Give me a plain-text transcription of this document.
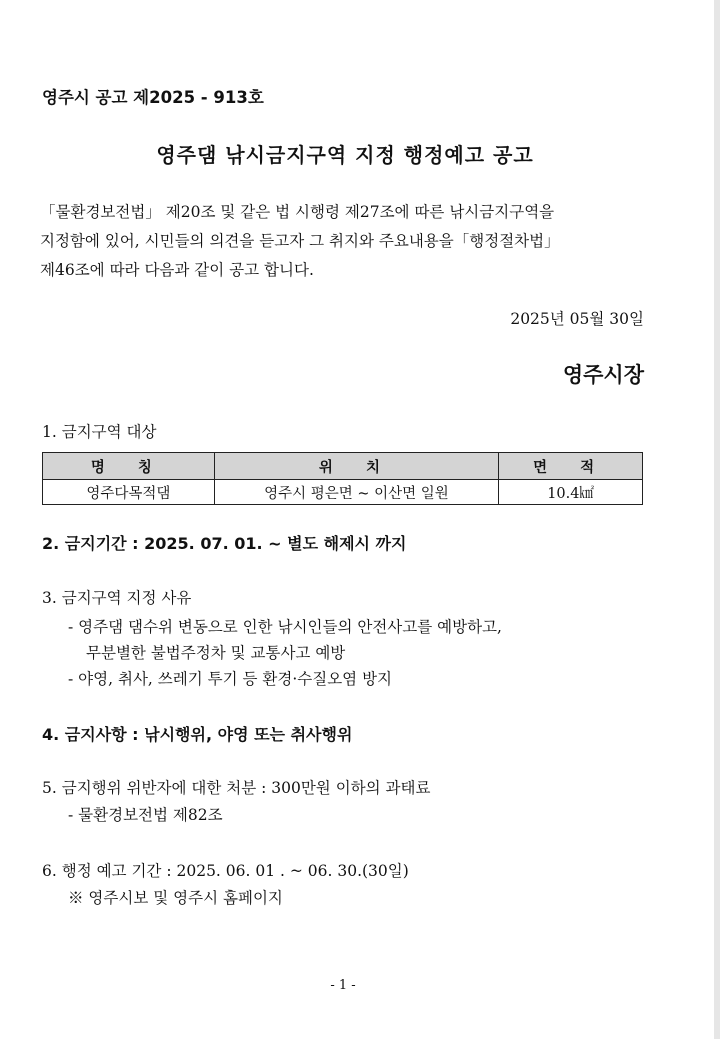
영주시 공고 제2025 - 913호
영주댐 낚시금지구역 지정 행정예고 공고
「물환경보전법」 제20조 및 같은 법 시행령 제27조에 따른 낚시금지구역을
지정함에 있어, 시민들의 의견을 듣고자 그 취지와 주요내용을「행정절차법」
제46조에 따라 다음과 같이 공고 합니다.
2025년 05월 30일
영주시장
1. 금지구역 대상
명 칭	위 치	면 적
영주다목적댐	영주시 평은면 ~ 이산면 일원	10.4㎢
2. 금지기간 : 2025. 07. 01. ~ 별도 해제시 까지
3. 금지구역 지정 사유
- 영주댐 댐수위 변동으로 인한 낚시인들의 안전사고를 예방하고,
무분별한 불법주정차 및 교통사고 예방
- 야영, 취사, 쓰레기 투기 등 환경·수질오염 방지
4. 금지사항 : 낚시행위, 야영 또는 취사행위
5. 금지행위 위반자에 대한 처분 : 300만원 이하의 과태료
- 물환경보전법 제82조
6. 행정 예고 기간 : 2025. 06. 01 . ~ 06. 30.(30일)
※ 영주시보 및 영주시 홈페이지
- 1 -
